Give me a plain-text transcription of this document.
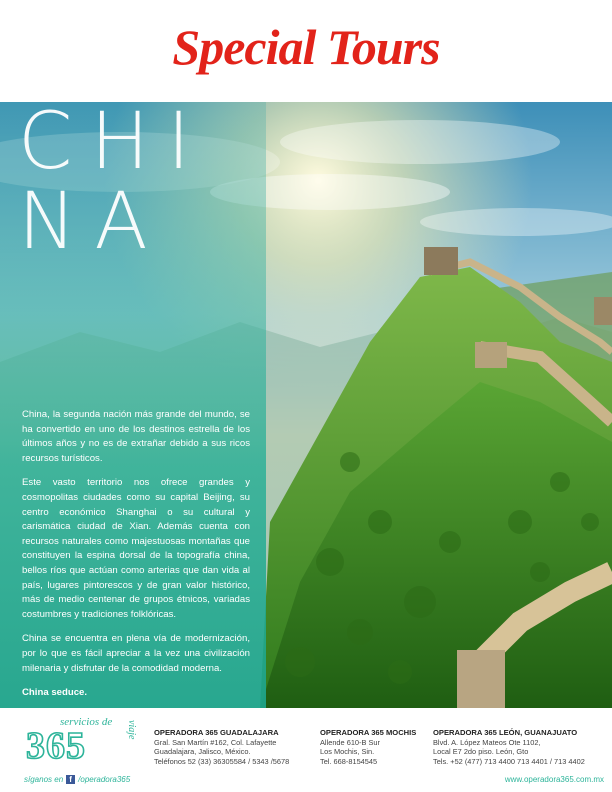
Special Tours
CHI
NA

China, la segunda nación más grande del mundo, se ha convertido en uno de los destinos estrella de los últimos años y no es de extrañar debido a sus ricos recursos turísticos.

Este vasto territorio nos ofrece grandes y cosmopolitas ciudades como su capital Beijing, su centro económico Shanghai o su cultural y carismática ciudad de Xian. Además cuenta con recursos naturales como majestuosas montañas que constituyen la espina dorsal de la topografía china, bellos ríos que actúan como arterias que dan vida al país, lugares pintorescos y de gran valor histórico, más de medio centenar de grupos étnicos, variadas costumbres y tradiciones folklóricas.

China se encuentra en plena vía de modernización, por lo que es fácil apreciar a la vez una civilización milenaria y disfrutar de la comodidad moderna.

China seduce.

servicios de
365	viaje OPERADORA 365 GUADALAJARA
Gral. San Martín #162, Col. Lafayette
Guadalajara, Jalisco, México.
Teléfonos 52 (33) 36305584 / 5343 /5678
OPERADORA 365 MOCHIS
Allende 610-B Sur
Los Mochis, Sin.
Tel. 668-8154545
OPERADORA 365 LEÓN, GUANAJUATO
Blvd. A. López Mateos Ote 1102,
Local E7 2do piso. León, Gto
Tels. +52 (477) 713 4400 713 4401 / 713 4402
síganos en f /operadora365	www.operadora365.com.mx
